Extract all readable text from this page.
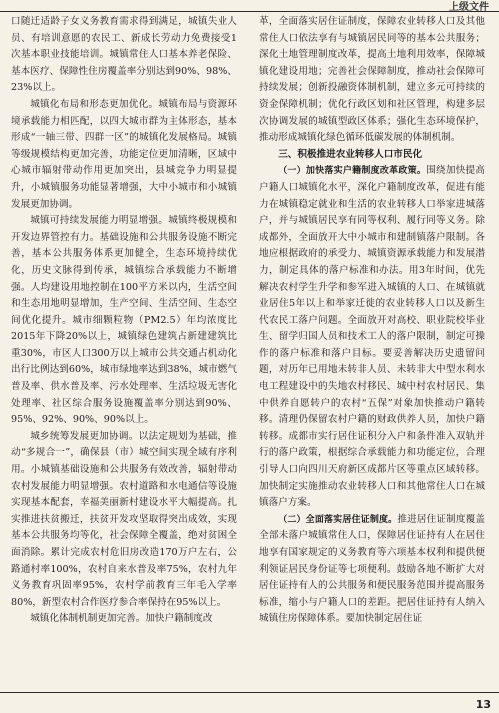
上级文件

口随迁适龄子女义务教育需求得到满足，城镇失业人员、有培训意愿的农民工、新成长劳动力免费接受1次基本职业技能培训。城镇常住人口基本养老保险、基本医疗、保障性住房覆盖率分别达到90%、98%、23%以上。

城镇化布局和形态更加优化。城镇布局与资源环境承载能力相匹配，以四大城市群为主体形态，基本形成“一轴三带、四群一区”的城镇化发展格局。城镇等级规模结构更加完善，功能定位更加清晰，区域中心城市辐射带动作用更加突出，县城竞争力明显提升，小城镇服务功能显著增强，大中小城市和小城镇发展更加协调。

城镇可持续发展能力明显增强。城镇终极规模和开发边界管控有力。基础设施和公共服务设施不断完善，基本公共服务体系更加健全，生态环境持续优化，历史文脉得到传承，城镇综合承载能力不断增强。人均建设用地控制在100平方米以内，生活空间和生态用地明显增加，生产空间、生活空间、生态空间优化提升。城市细颗粒物（PM2.5）年均浓度比2015年下降20%以上，城镇绿色建筑占新建建筑比重30%，市区人口300万以上城市公共交通占机动化出行比例达到60%，城市绿地率达到38%，城市燃气普及率、供水普及率、污水处理率、生活垃圾无害化处理率、社区综合服务设施覆盖率分别达到90%、95%、92%、90%、90%以上。

城乡统筹发展更加协调。以法定规划为基础，推动“多规合一”，确保县（市）城空间实现全域有序利用。小城镇基础设施和公共服务有效改善，辐射带动农村发展能力明显增强。农村道路和水电通信等设施实现基本配套，幸福美丽新村建设水平大幅提高。扎实推进扶贫搬迁，扶贫开发攻坚取得突出成效，实现基本公共服务均等化，社会保障全覆盖，绝对贫困全面消除。累计完成农村危旧房改造170万户左右，公路通村率100%，农村自来水普及率75%，农村九年义务教育巩固率95%，农村学前教育三年毛入学率80%，新型农村合作医疗参合率保持在95%以上。

城镇化体制机制更加完善。加快户籍制度改

革，全面落实居住证制度，保障农业转移人口及其他常住人口依法享有与城镇居民同等的基本公共服务；深化土地管理制度改革，提高土地利用效率，保障城镇化建设用地；完善社会保障制度，推动社会保障可持续发展；创新投融资体制机制，建立多元可持续的资金保障机制；优化行政区划和社区管理，构建多层次协调发展的城镇型政区体系；强化生态环境保护，推动形成城镇化绿色循环低碳发展的体制机制。

三、积极推进农业转移人口市民化

（一）加快落实户籍制度改革政策。围绕加快提高户籍人口城镇化水平，深化户籍制度改革，促进有能力在城镇稳定就业和生活的农业转移人口举家进城落户，并与城镇居民享有同等权利、履行同等义务。除成都外，全面放开大中小城市和建制镇落户限制。各地应根据政府的承受力、城镇资源承载能力和发展潜力，制定具体的落户标准和办法。用3年时间，优先解决农村学生升学和参军进入城镇的人口、在城镇就业居住5年以上和举家迁徙的农业转移人口以及新生代农民工落户问题。全面放开对高校、职业院校毕业生、留学归国人员和技术工人的落户限制，制定可操作的落户标准和落户目标。要妥善解决历史遗留问题，对历年已用地未转非人员、未转非大中型水利水电工程建设中的失地农村移民、城中村农村居民、集中供养自愿转户的农村“五保”对象加快推动户籍转移。清理仍保留农村户籍的财政供养人员，加快户籍转移。成都市实行居住证积分入户和条件准入双轨并行的落户政策，根据综合承载能力和功能定位，合理引导人口向四川天府新区成都片区等重点区域转移。加快制定实施推动农业转移人口和其他常住人口在城镇落户方案。

（二）全面落实居住证制度。推进居住证制度覆盖全部未落户城镇常住人口，保障居住证持有人在居住地享有国家规定的义务教育等六项基本权利和提供便利领证居民身份证等七项便利。鼓励各地不断扩大对居住证持有人的公共服务和便民服务范围并提高服务标准，缩小与户籍人口的差距。把居住证持有人纳入城镇住房保障体系。要加快制定居住证

13
